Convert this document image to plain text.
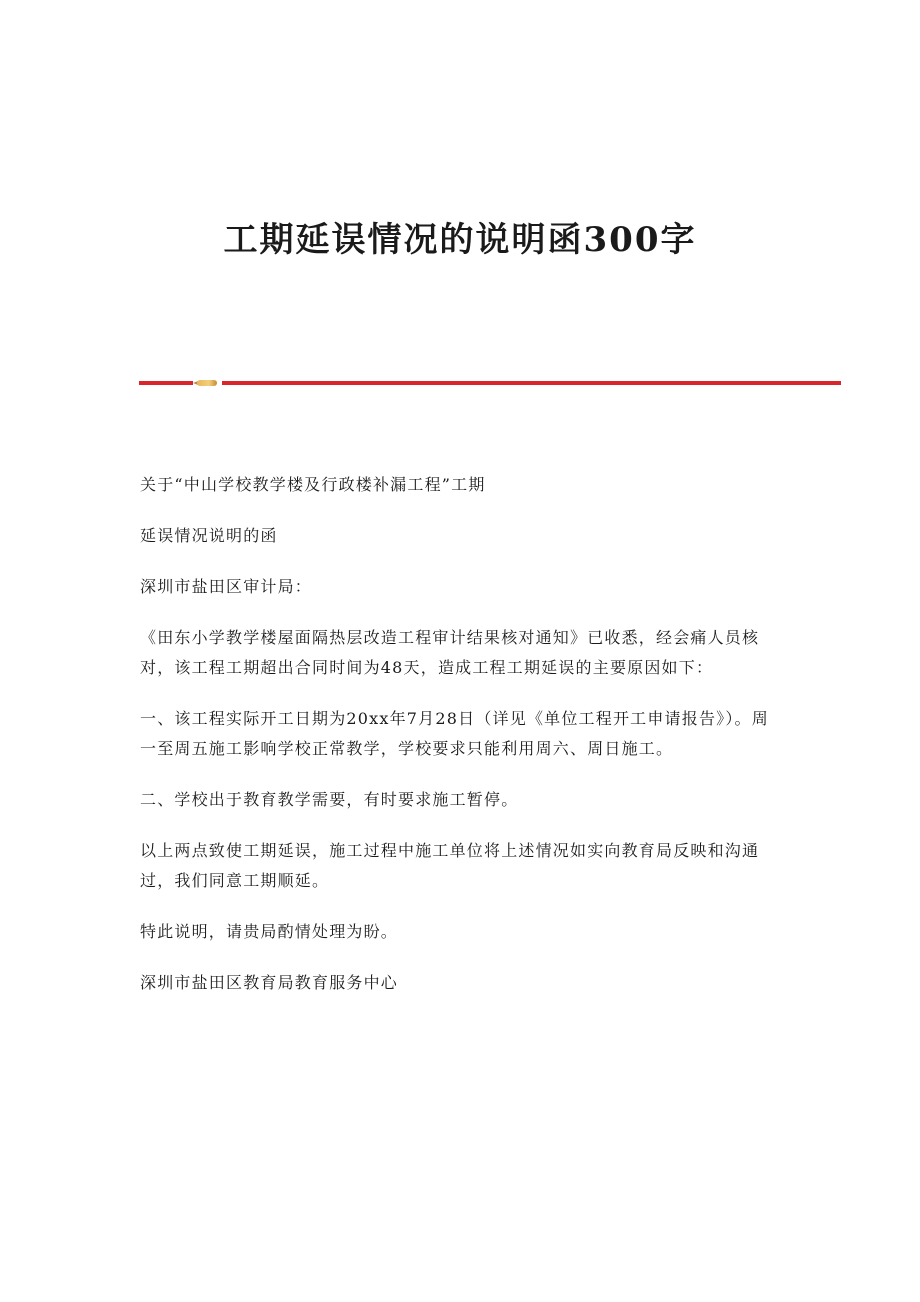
工期延误情况的说明函300字

关于“中山学校教学楼及行政楼补漏工程”工期

延误情况说明的函

深圳市盐田区审计局：

《田东小学教学楼屋面隔热层改造工程审计结果核对通知》已收悉，经会痛人员核对，该工程工期超出合同时间为48天，造成工程工期延误的主要原因如下：

一、该工程实际开工日期为20xx年7月28日（详见《单位工程开工申请报告》）。周一至周五施工影响学校正常教学，学校要求只能利用周六、周日施工。

二、学校出于教育教学需要，有时要求施工暂停。

以上两点致使工期延误，施工过程中施工单位将上述情况如实向教育局反映和沟通过，我们同意工期顺延。

特此说明，请贵局酌情处理为盼。

深圳市盐田区教育局教育服务中心
